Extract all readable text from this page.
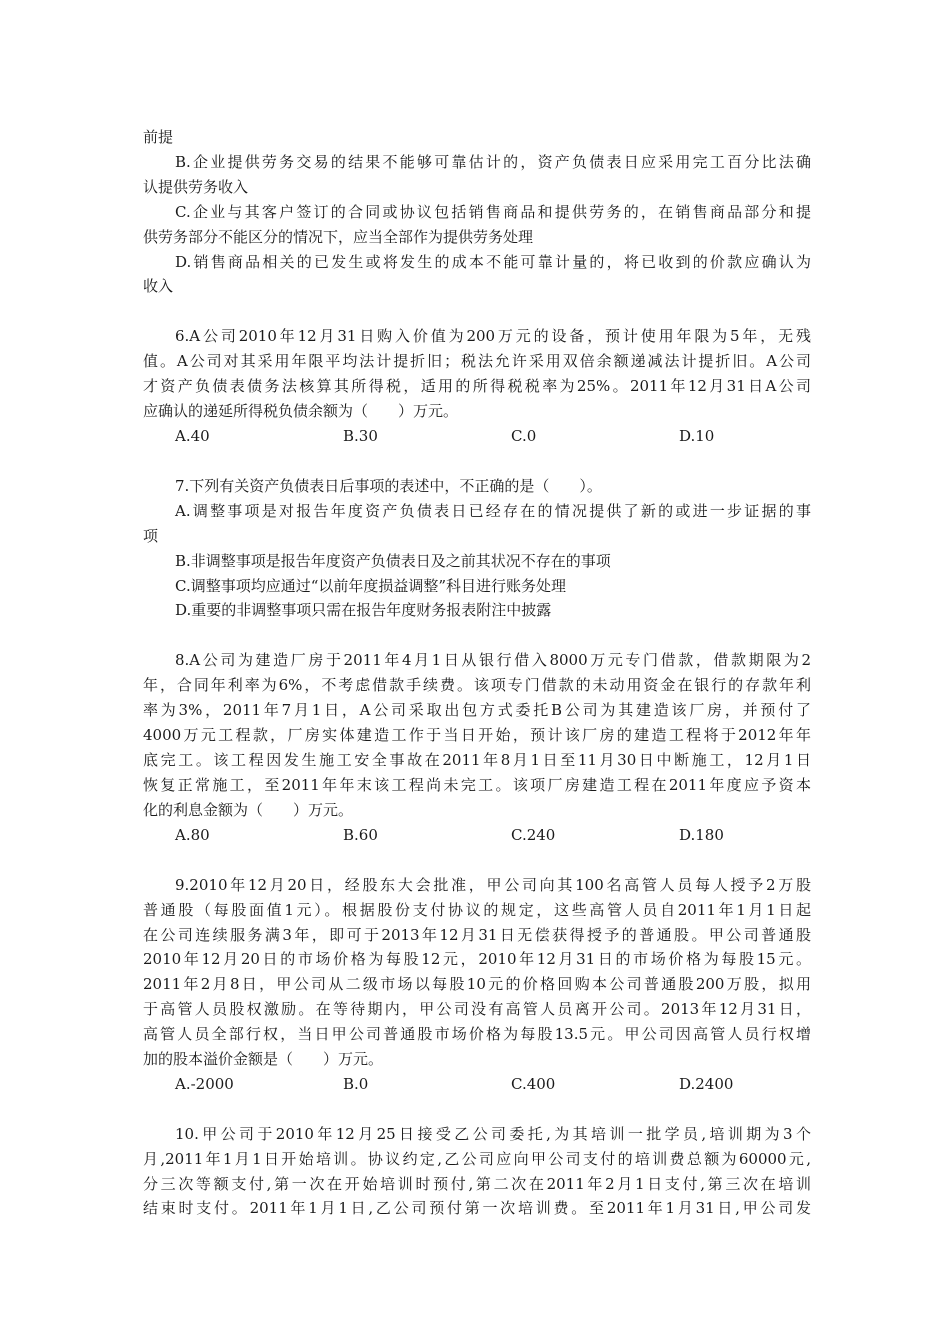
前提
B.企业提供劳务交易的结果不能够可靠估计的，资产负债表日应采用完工百分比法确
认提供劳务收入
C.企业与其客户签订的合同或协议包括销售商品和提供劳务的，在销售商品部分和提
供劳务部分不能区分的情况下，应当全部作为提供劳务处理
D.销售商品相关的已发生或将发生的成本不能可靠计量的，将已收到的价款应确认为
收入
6.A公司2010年12月31日购入价值为200万元的设备，预计使用年限为5年，无残
值。A公司对其采用年限平均法计提折旧；税法允许采用双倍余额递减法计提折旧。A公司
才资产负债表债务法核算其所得税，适用的所得税税率为25%。2011年12月31日A公司
应确认的递延所得税负债余额为（　　）万元。
A.40	B.30	C.0	D.10
7.下列有关资产负债表日后事项的表述中，不正确的是（　　）。
A.调整事项是对报告年度资产负债表日已经存在的情况提供了新的或进一步证据的事
项
B.非调整事项是报告年度资产负债表日及之前其状况不存在的事项
C.调整事项均应通过“以前年度损益调整”科目进行账务处理
D.重要的非调整事项只需在报告年度财务报表附注中披露
8.A公司为建造厂房于2011年4月1日从银行借入8000万元专门借款，借款期限为2
年，合同年利率为6%，不考虑借款手续费。该项专门借款的未动用资金在银行的存款年利
率为3%，2011年7月1日，A公司采取出包方式委托B公司为其建造该厂房，并预付了
4000万元工程款，厂房实体建造工作于当日开始，预计该厂房的建造工程将于2012年年
底完工。该工程因发生施工安全事故在2011年8月1日至11月30日中断施工，12月1日
恢复正常施工，至2011年年末该工程尚未完工。该项厂房建造工程在2011年度应予资本
化的利息金额为（　　）万元。
A.80	B.60	C.240	D.180
9.2010年12月20日，经股东大会批准，甲公司向其100名高管人员每人授予2万股
普通股（每股面值1元）。根据股份支付协议的规定，这些高管人员自2011年1月1日起
在公司连续服务满3年，即可于2013年12月31日无偿获得授予的普通股。甲公司普通股
2010年12月20日的市场价格为每股12元，2010年12月31日的市场价格为每股15元。
2011年2月8日，甲公司从二级市场以每股10元的价格回购本公司普通股200万股，拟用
于高管人员股权激励。在等待期内，甲公司没有高管人员离开公司。2013年12月31日，
高管人员全部行权，当日甲公司普通股市场价格为每股13.5元。甲公司因高管人员行权增
加的股本溢价金额是（　　）万元。
A.-2000	B.0	C.400	D.2400
10.甲公司于2010年12月25日接受乙公司委托,为其培训一批学员,培训期为3个
月,2011年1月1日开始培训。协议约定,乙公司应向甲公司支付的培训费总额为60000元,
分三次等额支付,第一次在开始培训时预付,第二次在2011年2月1日支付,第三次在培训
结束时支付。2011年1月1日,乙公司预付第一次培训费。至2011年1月31日,甲公司发
